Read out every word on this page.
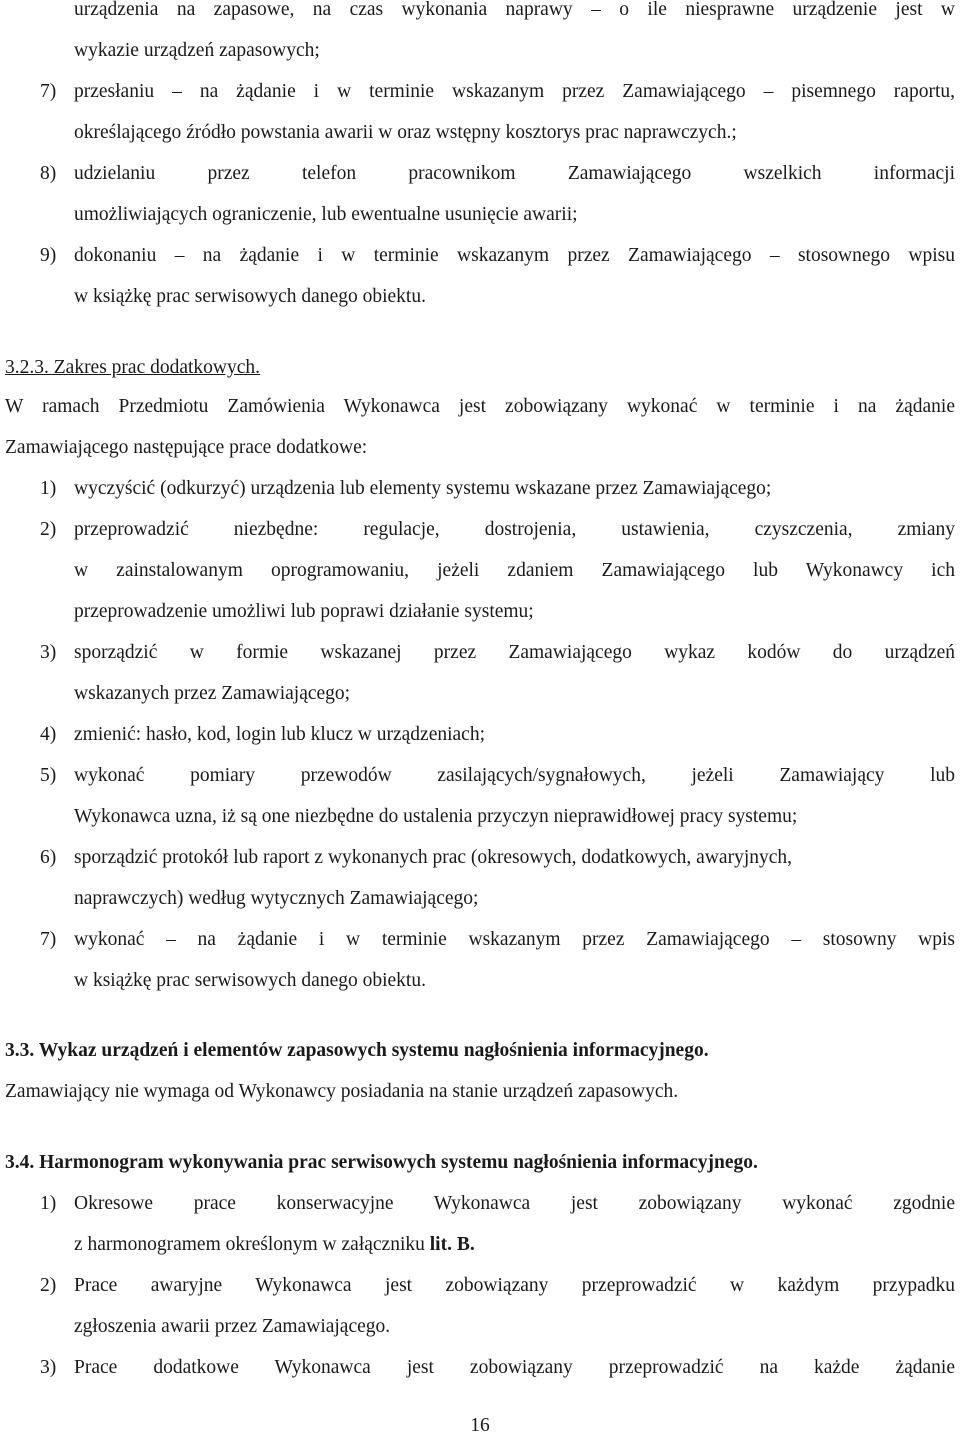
urządzenia na zapasowe, na czas wykonania naprawy – o ile niesprawne urządzenie jest w
wykazie urządzeń zapasowych;
7) przesłaniu – na żądanie i w terminie wskazanym przez Zamawiającego – pisemnego raportu,
określającego źródło powstania awarii w oraz wstępny kosztorys prac naprawczych.;
8) udzielaniu przez telefon pracownikom Zamawiającego wszelkich informacji
umożliwiających ograniczenie, lub ewentualne usunięcie awarii;
9) dokonaniu – na żądanie i w terminie wskazanym przez Zamawiającego – stosownego wpisu
w książkę prac serwisowych danego obiektu.
3.2.3. Zakres prac dodatkowych.
W ramach Przedmiotu Zamówienia Wykonawca jest zobowiązany wykonać w terminie i na żądanie
Zamawiającego następujące prace dodatkowe:
1) wyczyścić (odkurzyć) urządzenia lub elementy systemu wskazane przez Zamawiającego;
2) przeprowadzić niezbędne: regulacje, dostrojenia, ustawienia, czyszczenia, zmiany
w zainstalowanym oprogramowaniu, jeżeli zdaniem Zamawiającego lub Wykonawcy ich
przeprowadzenie umożliwi lub poprawi działanie systemu;
3) sporządzić w formie wskazanej przez Zamawiającego wykaz kodów do urządzeń
wskazanych przez Zamawiającego;
4) zmienić: hasło, kod, login lub klucz w urządzeniach;
5) wykonać pomiary przewodów zasilających/sygnałowych, jeżeli Zamawiający lub
Wykonawca uzna, iż są one niezbędne do ustalenia przyczyn nieprawidłowej pracy systemu;
6) sporządzić protokół lub raport z wykonanych prac (okresowych, dodatkowych, awaryjnych,
naprawczych) według wytycznych Zamawiającego;
7) wykonać – na żądanie i w terminie wskazanym przez Zamawiającego – stosowny wpis
w książkę prac serwisowych danego obiektu.
3.3. Wykaz urządzeń i elementów zapasowych systemu nagłośnienia informacyjnego.
Zamawiający nie wymaga od Wykonawcy posiadania na stanie urządzeń zapasowych.
3.4. Harmonogram wykonywania prac serwisowych systemu nagłośnienia informacyjnego.
1) Okresowe prace konserwacyjne Wykonawca jest zobowiązany wykonać zgodnie
z harmonogramem określonym w załączniku lit. B.
2) Prace awaryjne Wykonawca jest zobowiązany przeprowadzić w każdym przypadku
zgłoszenia awarii przez Zamawiającego.
3) Prace dodatkowe Wykonawca jest zobowiązany przeprowadzić na każde żądanie
16
